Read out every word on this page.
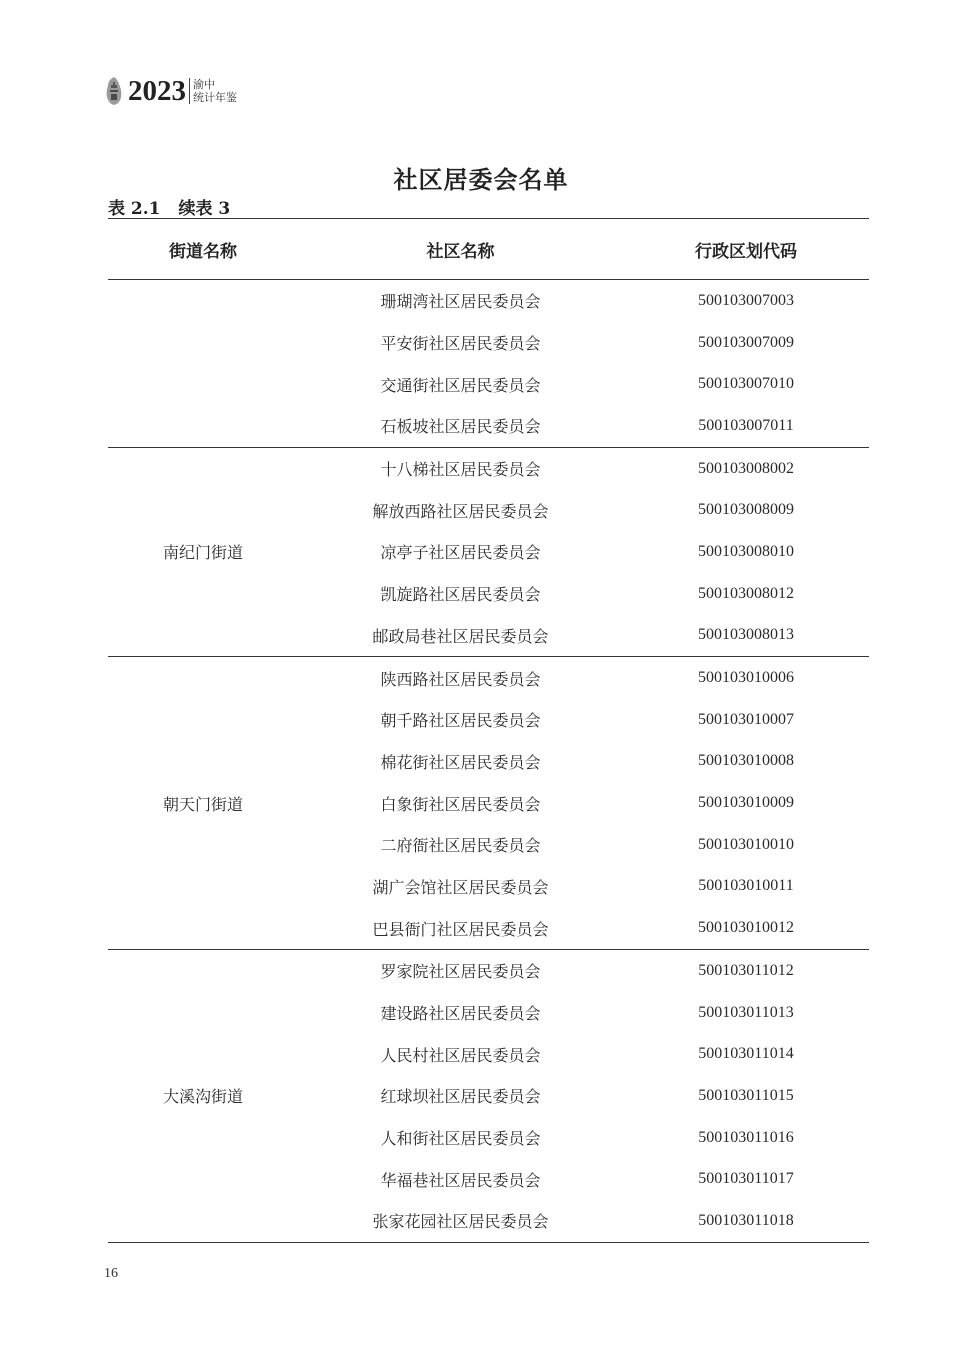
2023 渝中
统计年鉴
社区居委会名单
表 2.1 续表 3
街道名称	社区名称	行政区划代码
	珊瑚湾社区居民委员会	500103007003
	平安街社区居民委员会	500103007009
	交通街社区居民委员会	500103007010
	石板坡社区居民委员会	500103007011
南纪门街道	十八梯社区居民委员会	500103008002
	解放西路社区居民委员会	500103008009
	凉亭子社区居民委员会	500103008010
	凯旋路社区居民委员会	500103008012
	邮政局巷社区居民委员会	500103008013
朝天门街道	陕西路社区居民委员会	500103010006
	朝千路社区居民委员会	500103010007
	棉花街社区居民委员会	500103010008
	白象街社区居民委员会	500103010009
	二府衙社区居民委员会	500103010010
	湖广会馆社区居民委员会	500103010011
	巴县衙门社区居民委员会	500103010012
大溪沟街道	罗家院社区居民委员会	500103011012
	建设路社区居民委员会	500103011013
	人民村社区居民委员会	500103011014
	红球坝社区居民委员会	500103011015
	人和街社区居民委员会	500103011016
	华福巷社区居民委员会	500103011017
	张家花园社区居民委员会	500103011018
16
